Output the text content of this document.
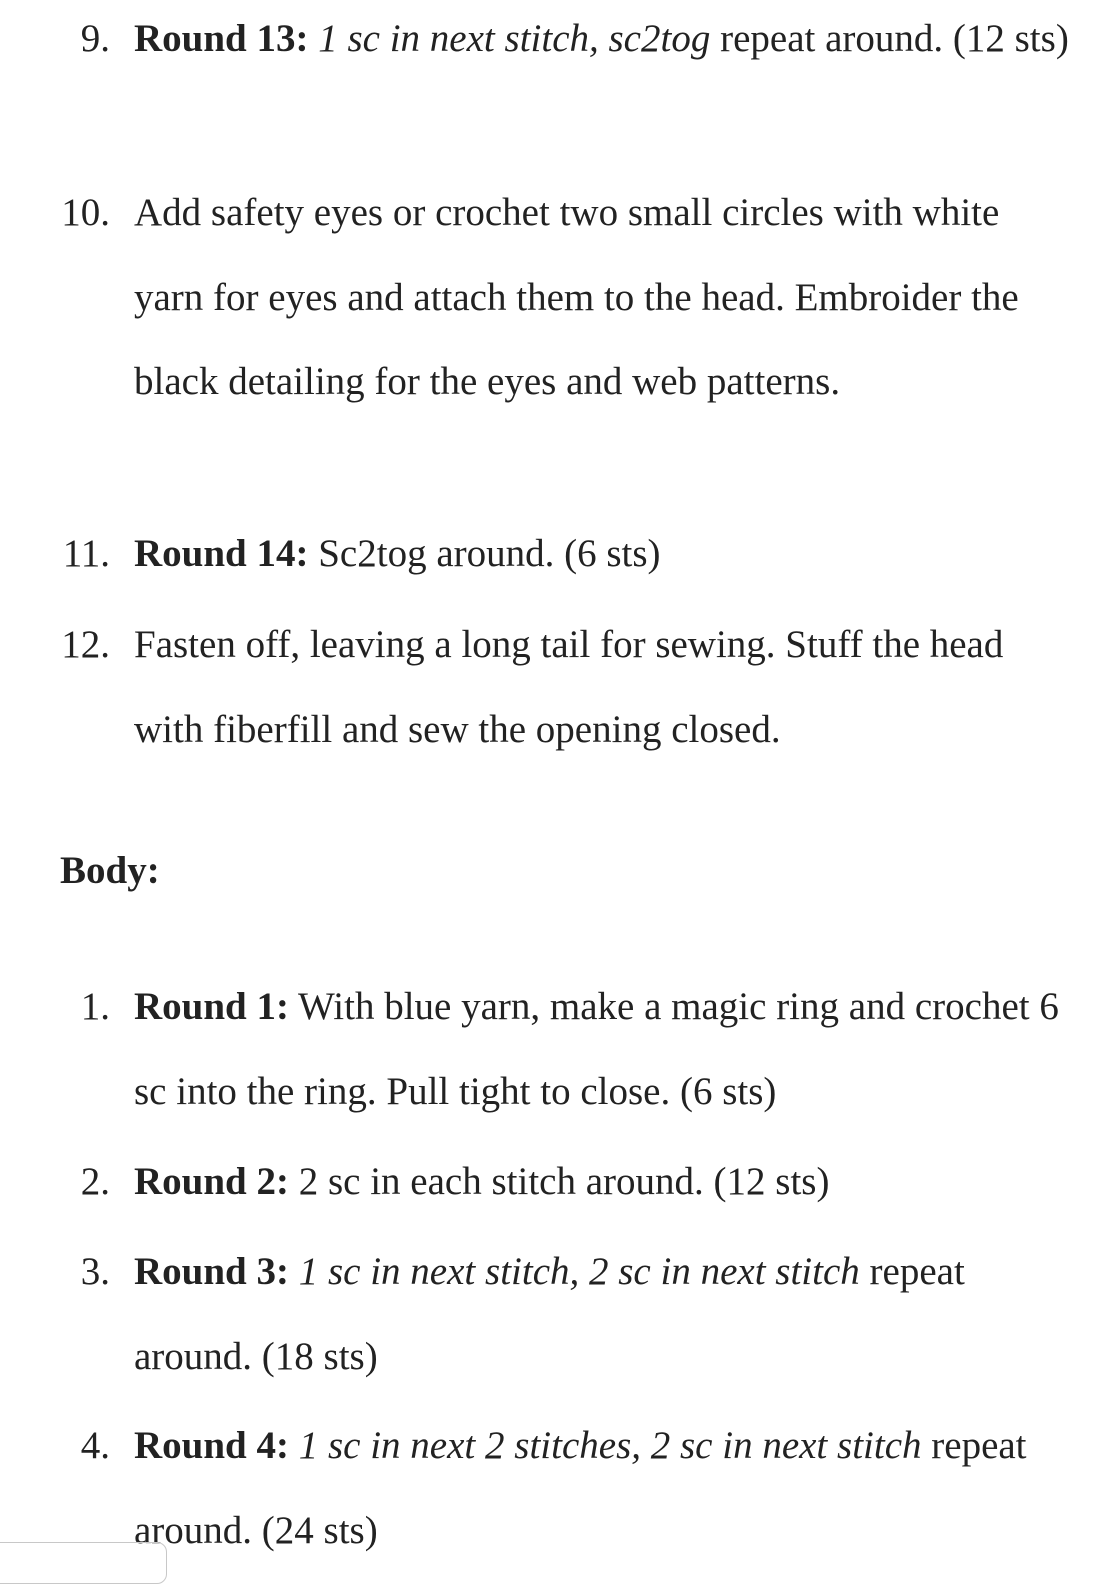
9. Round 13: 1 sc in next stitch, sc2tog repeat around. (12 sts)
10. Add safety eyes or crochet two small circles with white yarn for eyes and attach them to the head. Embroider the black detailing for the eyes and web patterns.
11. Round 14: Sc2tog around. (6 sts)
12. Fasten off, leaving a long tail for sewing. Stuff the head with fiberfill and sew the opening closed.
Body:
1. Round 1: With blue yarn, make a magic ring and crochet 6 sc into the ring. Pull tight to close. (6 sts)
2. Round 2: 2 sc in each stitch around. (12 sts)
3. Round 3: 1 sc in next stitch, 2 sc in next stitch repeat around. (18 sts)
4. Round 4: 1 sc in next 2 stitches, 2 sc in next stitch repeat around. (24 sts)
